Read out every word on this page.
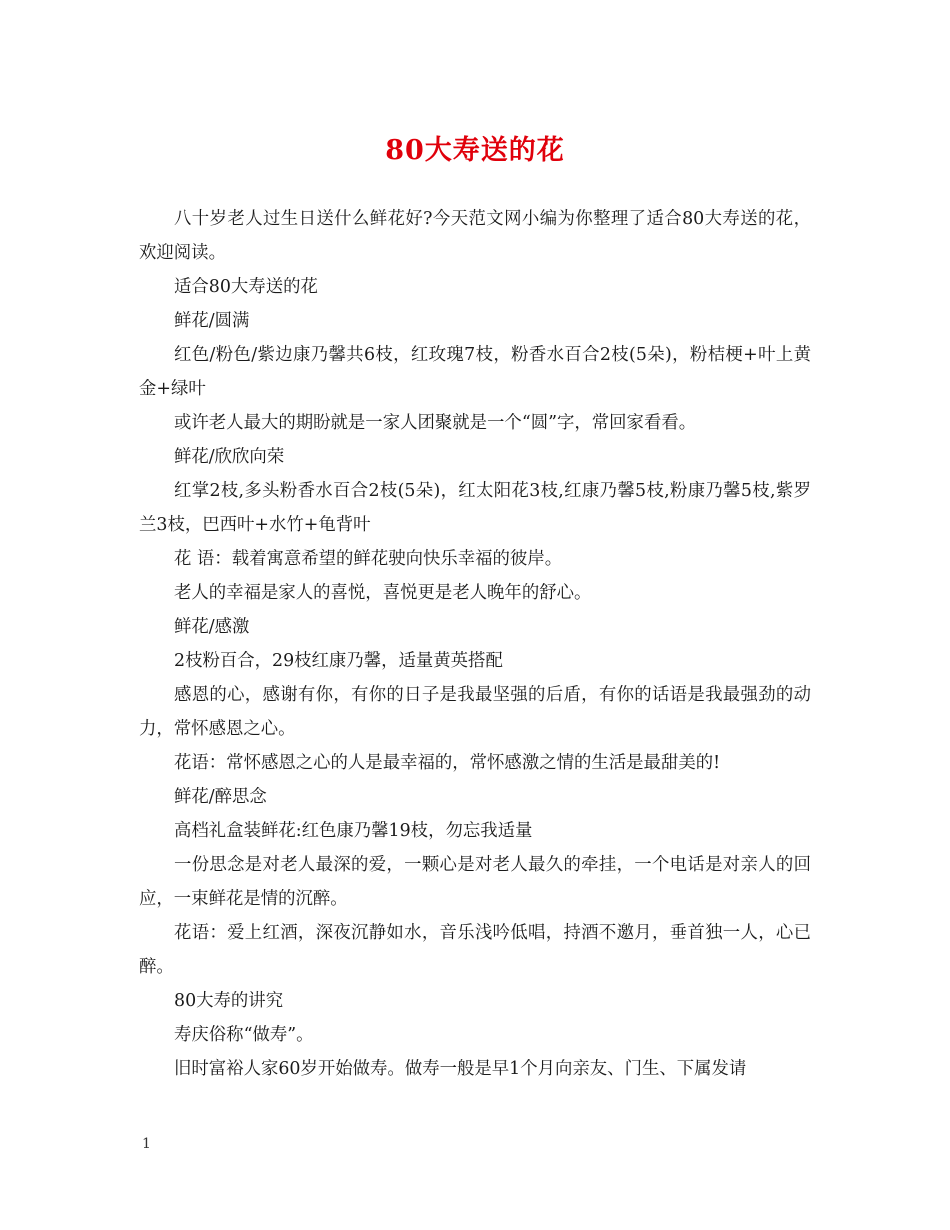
80大寿送的花

八十岁老人过生日送什么鲜花好?今天范文网小编为你整理了适合80大寿送的花，欢迎阅读。

适合80大寿送的花

鲜花/圆满

红色/粉色/紫边康乃馨共6枝，红玫瑰7枝，粉香水百合2枝(5朵)，粉桔梗+叶上黄金+绿叶

或许老人最大的期盼就是一家人团聚就是一个“圆”字，常回家看看。

鲜花/欣欣向荣

红掌2枝,多头粉香水百合2枝(5朵)，红太阳花3枝,红康乃馨5枝,粉康乃馨5枝,紫罗兰3枝，巴西叶+水竹+龟背叶

花 语：载着寓意希望的鲜花驶向快乐幸福的彼岸。

老人的幸福是家人的喜悦，喜悦更是老人晚年的舒心。

鲜花/感激

2枝粉百合，29枝红康乃馨，适量黄英搭配

感恩的心，感谢有你，有你的日子是我最坚强的后盾，有你的话语是我最强劲的动力，常怀感恩之心。

花语：常怀感恩之心的人是最幸福的，常怀感激之情的生活是最甜美的!

鲜花/醉思念

高档礼盒装鲜花:红色康乃馨19枝，勿忘我适量

一份思念是对老人最深的爱，一颗心是对老人最久的牵挂，一个电话是对亲人的回应，一束鲜花是情的沉醉。

花语：爱上红酒，深夜沉静如水，音乐浅吟低唱，持酒不邀月，垂首独一人，心已醉。

80大寿的讲究

寿庆俗称“做寿”。

旧时富裕人家60岁开始做寿。做寿一般是早1个月向亲友、门生、下属发请

1
